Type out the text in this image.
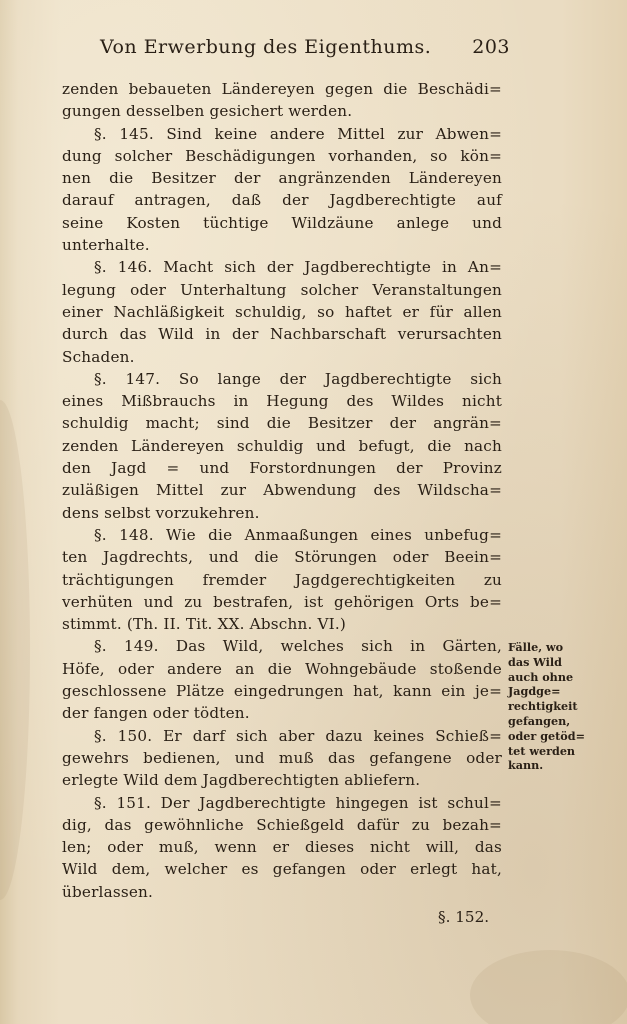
Von Erwerbung des Eigenthums. 203
zenden bebaueten Ländereyen gegen die Beschädi=
gungen desselben gesichert werden.
§. 145. Sind keine andere Mittel zur Abwen=
dung solcher Beschädigungen vorhanden, so kön=
nen die Besitzer der angränzenden Ländereyen
darauf antragen, daß der Jagdberechtigte auf
seine Kosten tüchtige Wildzäune anlege und
unterhalte.
§. 146. Macht sich der Jagdberechtigte in An=
legung oder Unterhaltung solcher Veranstaltungen
einer Nachläßigkeit schuldig, so haftet er für allen
durch das Wild in der Nachbarschaft verursachten
Schaden.
§. 147. So lange der Jagdberechtigte sich
eines Mißbrauchs in Hegung des Wildes nicht
schuldig macht; sind die Besitzer der angrän=
zenden Ländereyen schuldig und befugt, die nach
den Jagd = und Forstordnungen der Provinz
zuläßigen Mittel zur Abwendung des Wildscha=
dens selbst vorzukehren.
§. 148. Wie die Anmaaßungen eines unbefug=
ten Jagdrechts, und die Störungen oder Beein=
trächtigungen fremder Jagdgerechtigkeiten zu
verhüten und zu bestrafen, ist gehörigen Orts be=
stimmt. (Th. II. Tit. XX. Abschn. VI.)
§. 149. Das Wild, welches sich in Gärten,
Höfe, oder andere an die Wohngebäude stoßende
geschlossene Plätze eingedrungen hat, kann ein je=
der fangen oder tödten.
§. 150. Er darf sich aber dazu keines Schieß=
gewehrs bedienen, und muß das gefangene oder
erlegte Wild dem Jagdberechtigten abliefern.
§. 151. Der Jagdberechtigte hingegen ist schul=
dig, das gewöhnliche Schießgeld dafür zu bezah=
len; oder muß, wenn er dieses nicht will, das
Wild dem, welcher es gefangen oder erlegt hat,
überlassen.
Fälle, wo
das Wild
auch ohne
Jagdge=
rechtigkeit
gefangen,
oder getöd=
tet werden
kann.
§. 152.
